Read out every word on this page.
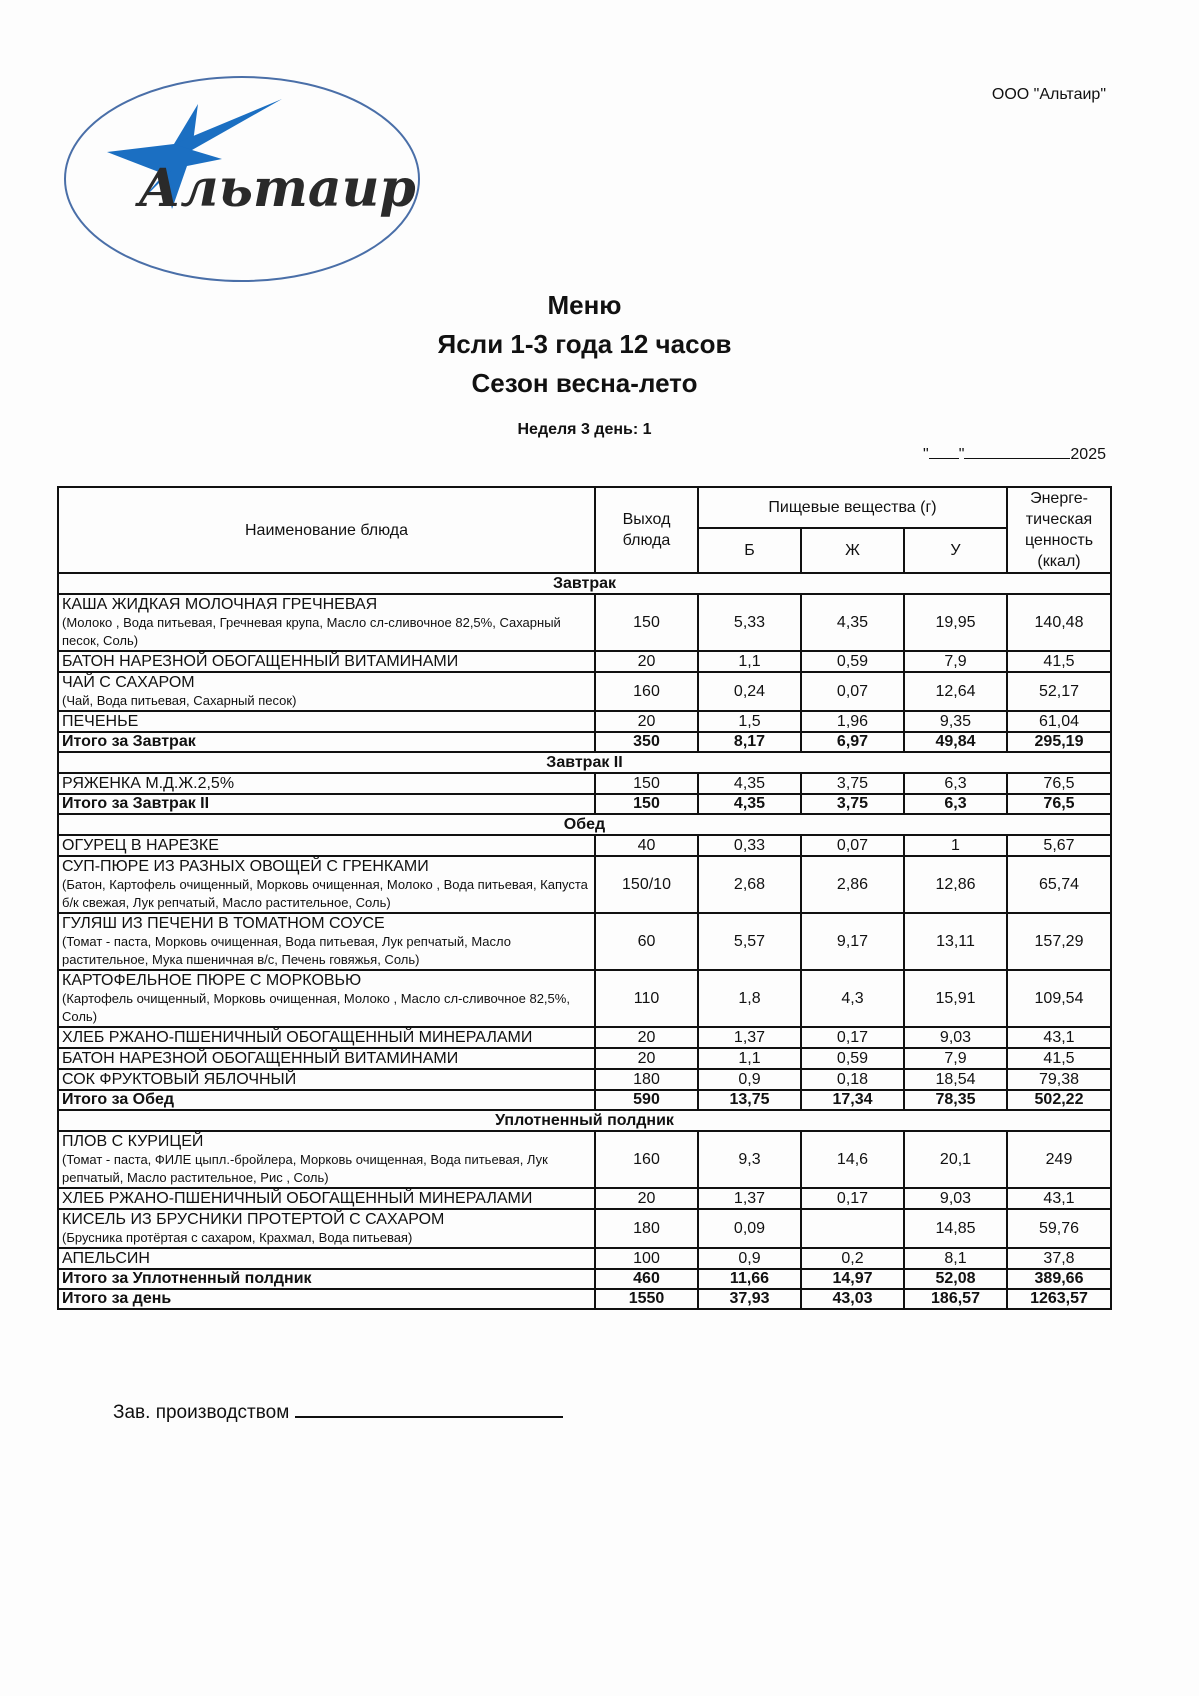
ООО "Альтаир"
Альтаир
Меню
Ясли 1-3 года 12 часов
Сезон весна-лето
Неделя 3 день: 1
" "	2025
Наименование блюда	Выход блюда	Пищевые вещества (г)			Энерге-тическая ценность (ккал)
		Б	Ж	У	
Завтрак					

КАША ЖИДКАЯ МОЛОЧНАЯ ГРЕЧНЕВАЯ
(Молоко , Вода питьевая, Гречневая крупа, Масло сл-сливочное 82,5%, Сахарный песок, Соль)	150	5,33	4,35	19,95	140,48

БАТОН НАРЕЗНОЙ ОБОГАЩЕННЫЙ ВИТАМИНАМИ	20	1,1	0,59	7,9	41,5

ЧАЙ С САХАРОМ
(Чай, Вода питьевая, Сахарный песок)	160	0,24	0,07	12,64	52,17

ПЕЧЕНЬЕ	20	1,5	1,96	9,35	61,04
Итого за Завтрак	350	8,17	6,97	49,84	295,19
Завтрак II					

РЯЖЕНКА М.Д.Ж.2,5%	150	4,35	3,75	6,3	76,5
Итого за Завтрак II	150	4,35	3,75	6,3	76,5
Обед					

ОГУРЕЦ В НАРЕЗКЕ	40	0,33	0,07	1	5,67

СУП-ПЮРЕ ИЗ РАЗНЫХ ОВОЩЕЙ С ГРЕНКАМИ
(Батон, Картофель очищенный, Морковь очищенная, Молоко , Вода питьевая, Капуста б/к свежая, Лук репчатый, Масло растительное, Соль)	150/10	2,68	2,86	12,86	65,74

ГУЛЯШ ИЗ ПЕЧЕНИ В ТОМАТНОМ СОУСЕ
(Томат - паста, Морковь очищенная, Вода питьевая, Лук репчатый, Масло растительное, Мука пшеничная в/с, Печень говяжья, Соль)	60	5,57	9,17	13,11	157,29

КАРТОФЕЛЬНОЕ ПЮРЕ С МОРКОВЬЮ
(Картофель очищенный, Морковь очищенная, Молоко , Масло сл-сливочное 82,5%, Соль)	110	1,8	4,3	15,91	109,54

ХЛЕБ РЖАНО-ПШЕНИЧНЫЙ ОБОГАЩЕННЫЙ МИНЕРАЛАМИ	20	1,37	0,17	9,03	43,1

БАТОН НАРЕЗНОЙ ОБОГАЩЕННЫЙ ВИТАМИНАМИ	20	1,1	0,59	7,9	41,5

СОК ФРУКТОВЫЙ ЯБЛОЧНЫЙ	180	0,9	0,18	18,54	79,38
Итого за Обед	590	13,75	17,34	78,35	502,22
Уплотненный полдник					

ПЛОВ С КУРИЦЕЙ
(Томат - паста, ФИЛЕ цыпл.-бройлера, Морковь очищенная, Вода питьевая, Лук репчатый, Масло растительное, Рис , Соль)	160	9,3	14,6	20,1	249

ХЛЕБ РЖАНО-ПШЕНИЧНЫЙ ОБОГАЩЕННЫЙ МИНЕРАЛАМИ	20	1,37	0,17	9,03	43,1

КИСЕЛЬ ИЗ БРУСНИКИ ПРОТЕРТОЙ С САХАРОМ
(Брусника протёртая с сахаром, Крахмал, Вода питьевая)	180	0,09		14,85	59,76

АПЕЛЬСИН	100	0,9	0,2	8,1	37,8
Итого за Уплотненный полдник	460	11,66	14,97	52,08	389,66
Итого за день	1550	37,93	43,03	186,57	1263,57
Зав. производством
